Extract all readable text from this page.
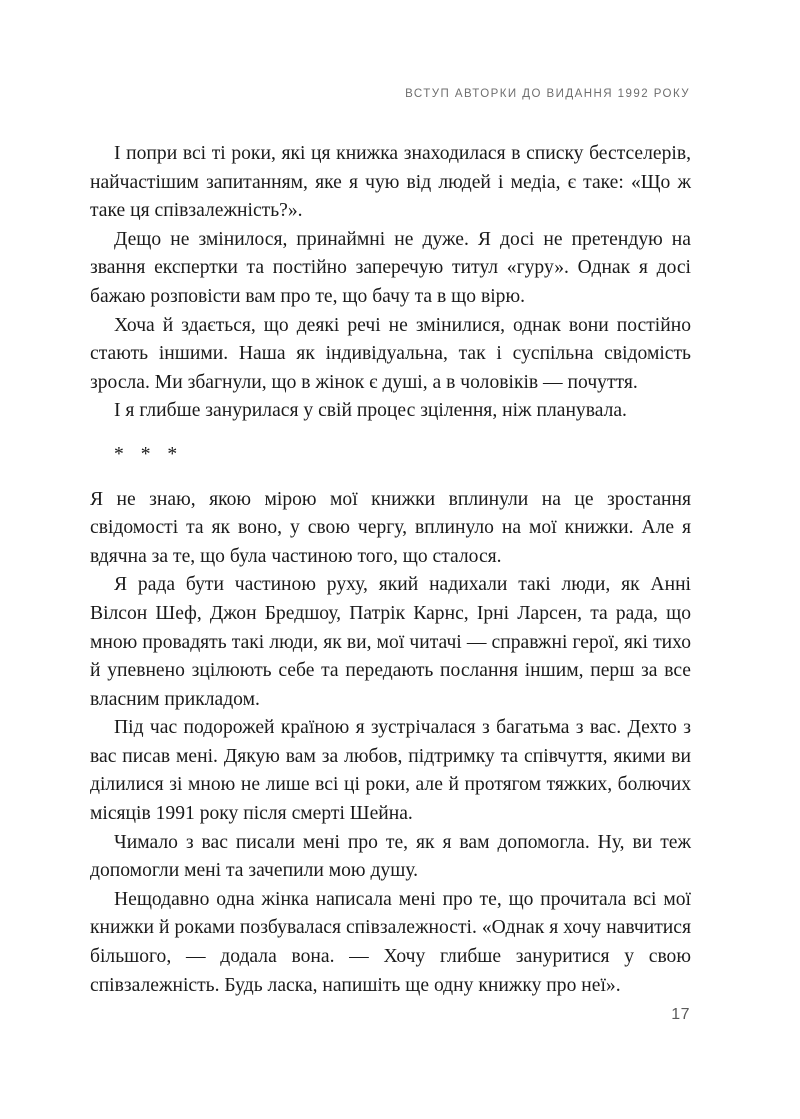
ВСТУП АВТОРКИ ДО ВИДАННЯ 1992 РОКУ

І попри всі ті роки, які ця книжка знаходилася в списку бестселерів, найчастішим запитанням, яке я чую від людей і медіа, є таке: «Що ж таке ця співзалежність?».

Дещо не змінилося, принаймні не дуже. Я досі не претендую на звання експертки та постійно заперечую титул «гуру». Однак я досі бажаю розповісти вам про те, що бачу та в що вірю.

Хоча й здається, що деякі речі не змінилися, однак вони постійно стають іншими. Наша як індивідуальна, так і суспільна свідомість зросла. Ми збагнули, що в жінок є душі, а в чоловіків — почуття.

І я глибше занурилася у свій процес зцілення, ніж планувала.

* * *

Я не знаю, якою мірою мої книжки вплинули на це зростання свідомості та як воно, у свою чергу, вплинуло на мої книжки. Але я вдячна за те, що була частиною того, що сталося.

Я рада бути частиною руху, який надихали такі люди, як Анні Вілсон Шеф, Джон Бредшоу, Патрік Карнс, Ірні Ларсен, та рада, що мною провадять такі люди, як ви, мої читачі — справжні герої, які тихо й упевнено зцілюють себе та передають послання іншим, перш за все власним прикладом.

Під час подорожей країною я зустрічалася з багатьма з вас. Дехто з вас писав мені. Дякую вам за любов, підтримку та співчуття, якими ви ділилися зі мною не лише всі ці роки, але й протягом тяжких, болючих місяців 1991 року після смерті Шейна.

Чимало з вас писали мені про те, як я вам допомогла. Ну, ви теж допомогли мені та зачепили мою душу.

Нещодавно одна жінка написала мені про те, що прочитала всі мої книжки й роками позбувалася співзалежності. «Однак я хочу навчитися більшого, — додала вона. — Хочу глибше зануритися у свою співзалежність. Будь ласка, напишіть ще одну книжку про неї».

17
